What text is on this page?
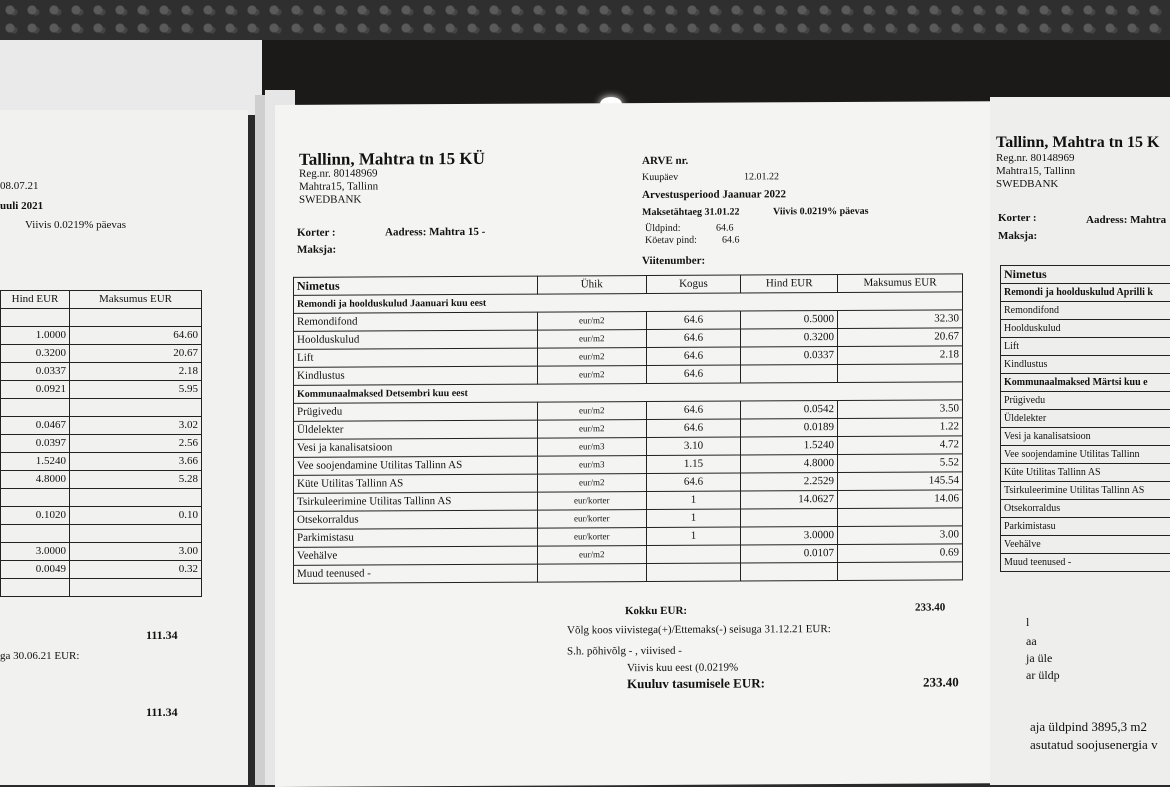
08.07.21
uuli 2021
Viivis 0.0219% päevas
Hind EUR	Maksumus EUR

1.0000	64.60
0.3200	20.67
0.0337	2.18
0.0921	5.95

0.0467	3.02
0.0397	2.56
1.5240	3.66
4.8000	5.28

0.1020	0.10

3.0000	3.00
0.0049	0.32

111.34
ga 30.06.21 EUR:
111.34
Tallinn, Mahtra tn 15 KÜ
Reg.nr. 80148969
Mahtra15, Tallinn
SWEDBANK
Korter :	Aadress: Mahtra 15 -
Maksja:
ARVE nr.
Kuupäev	12.01.22
Arvestusperiood Jaanuar 2022
Maksetähtaeg 31.01.22	Viivis 0.0219% päevas
Üldpind:	64.6
Köetav pind:	64.6
Viitenumber:
Nimetus	Ühik	Kogus	Hind EUR	Maksumus EUR
Remondi ja hoolduskulud Jaanuari kuu eest				
Remondifond	eur/m2	64.6	0.5000	32.30
Hoolduskulud	eur/m2	64.6	0.3200	20.67
Lift	eur/m2	64.6	0.0337	2.18
Kindlustus	eur/m2	64.6		
Kommunaalmaksed Detsembri kuu eest				
Prügivedu	eur/m2	64.6	0.0542	3.50
Üldelekter	eur/m2	64.6	0.0189	1.22
Vesi ja kanalisatsioon	eur/m3	3.10	1.5240	4.72
Vee soojendamine Utilitas Tallinn AS	eur/m3	1.15	4.8000	5.52
Küte Utilitas Tallinn AS	eur/m2	64.6	2.2529	145.54
Tsirkuleerimine Utilitas Tallinn AS	eur/korter	1	14.0627	14.06
Otsekorraldus	eur/korter	1		
Parkimistasu	eur/korter	1	3.0000	3.00
Veehälve	eur/m2		0.0107	0.69
Muud teenused -				
Kokku EUR:	233.40
Võlg koos viivistega(+)/Ettemaks(-) seisuga 31.12.21 EUR:
S.h. põhivõlg - , viivised -
Viivis kuu eest (0.0219%
Kuuluv tasumisele EUR:	233.40
Tallinn, Mahtra tn 15 K
Reg.nr. 80148969
Mahtra15, Tallinn
SWEDBANK
Korter :	Aadress: Mahtra
Maksja:
Nimetus
Remondi ja hoolduskulud Aprilli k
Remondifond
Hoolduskulud
Lift
Kindlustus
Kommunaalmaksed Märtsi kuu e
Prügivedu
Üldelekter
Vesi ja kanalisatsioon
Vee soojendamine Utilitas Tallinn
Küte Utilitas Tallinn AS
Tsirkuleerimine Utilitas Tallinn AS
Otsekorraldus
Parkimistasu
Veehälve
Muud teenused -
l
aa
ja üle
ar üldp
aja üldpind 3895,3 m2
asutatud soojusenergia v
